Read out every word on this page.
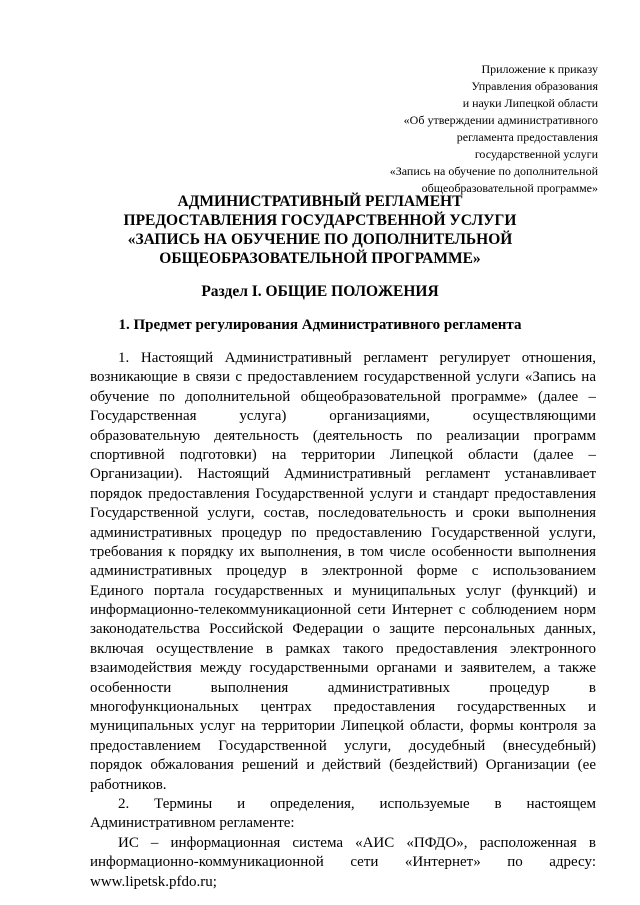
Приложение к приказу
Управления образования
и науки Липецкой области
«Об утверждении административного
регламента предоставления
государственной услуги
«Запись на обучение по дополнительной
общеобразовательной программе»
АДМИНИСТРАТИВНЫЙ РЕГЛАМЕНТ
ПРЕДОСТАВЛЕНИЯ ГОСУДАРСТВЕННОЙ УСЛУГИ
«ЗАПИСЬ НА ОБУЧЕНИЕ ПО ДОПОЛНИТЕЛЬНОЙ
ОБЩЕОБРАЗОВАТЕЛЬНОЙ ПРОГРАММЕ»
Раздел I. ОБЩИЕ ПОЛОЖЕНИЯ
1. Предмет регулирования Административного регламента
1. Настоящий Административный регламент регулирует отношения,
возникающие в связи с предоставлением государственной услуги «Запись на
обучение по дополнительной общеобразовательной программе» (далее –
Государственная услуга) организациями, осуществляющими
образовательную деятельность (деятельность по реализации программ
спортивной подготовки) на территории Липецкой области (далее –
Организации). Настоящий Административный регламент устанавливает
порядок предоставления Государственной услуги и стандарт предоставления
Государственной услуги, состав, последовательность и сроки выполнения
административных процедур по предоставлению Государственной услуги,
требования к порядку их выполнения, в том числе особенности выполнения
административных процедур в электронной форме с использованием
Единого портала государственных и муниципальных услуг (функций) и
информационно-телекоммуникационной сети Интернет с соблюдением норм
законодательства Российской Федерации о защите персональных данных,
включая осуществление в рамках такого предоставления электронного
взаимодействия между государственными органами и заявителем, а также
особенности выполнения административных процедур в
многофункциональных центрах предоставления государственных и
муниципальных услуг на территории Липецкой области, формы контроля за
предоставлением Государственной услуги, досудебный (внесудебный)
порядок обжалования решений и действий (бездействий) Организации (ее
работников.
2. Термины и определения, используемые в настоящем
Административном регламенте:
ИС – информационная система «АИС «ПФДО», расположенная в
информационно-коммуникационной сети «Интернет» по адресу:
www.lipetsk.pfdo.ru;
